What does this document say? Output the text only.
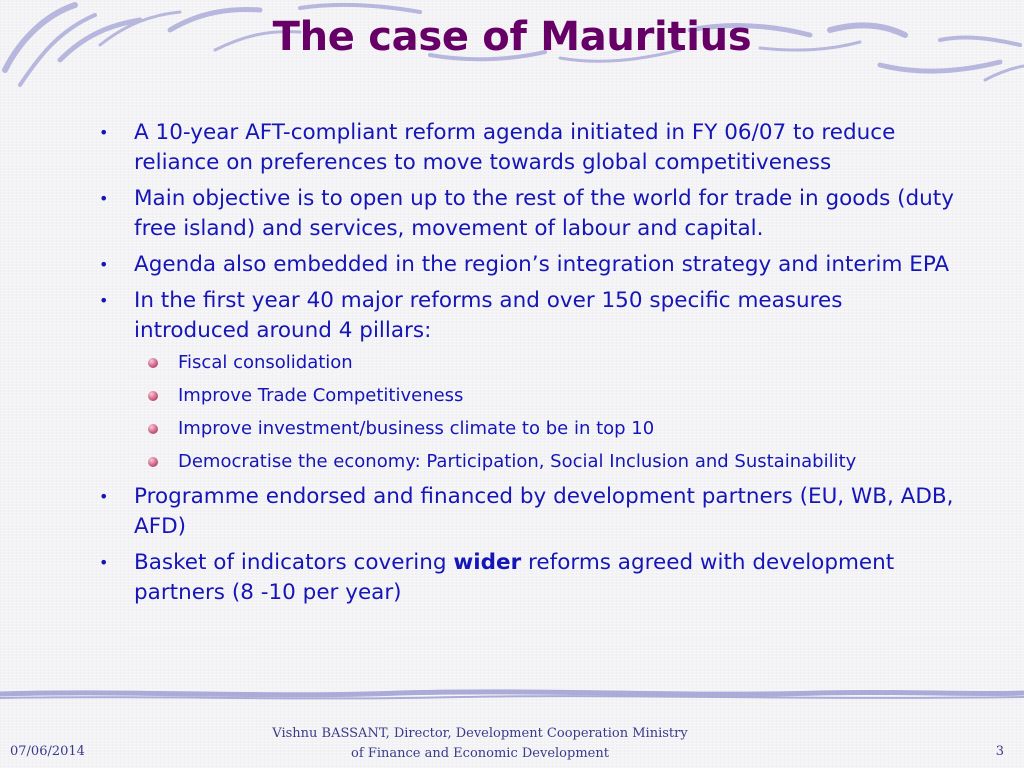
The case of Mauritius
• A 10-year AFT-compliant reform agenda initiated in FY 06/07 to reduce reliance on preferences to move towards global competitiveness
• Main objective is to open up to the rest of the world for trade in goods (duty free island) and services, movement of labour and capital.
• Agenda also embedded in the region’s integration strategy and interim EPA
• In the first year 40 major reforms and over 150 specific measures introduced around 4 pillars:
Fiscal consolidation
Improve Trade Competitiveness
Improve investment/business climate to be in top 10
Democratise the economy: Participation, Social Inclusion and Sustainability
• Programme endorsed and financed by development partners (EU, WB, ADB, AFD)
• Basket of indicators covering wider reforms agreed with development partners (8 -10 per year)
07/06/2014
Vishnu BASSANT, Director, Development Cooperation Ministry
of Finance and Economic Development	3
